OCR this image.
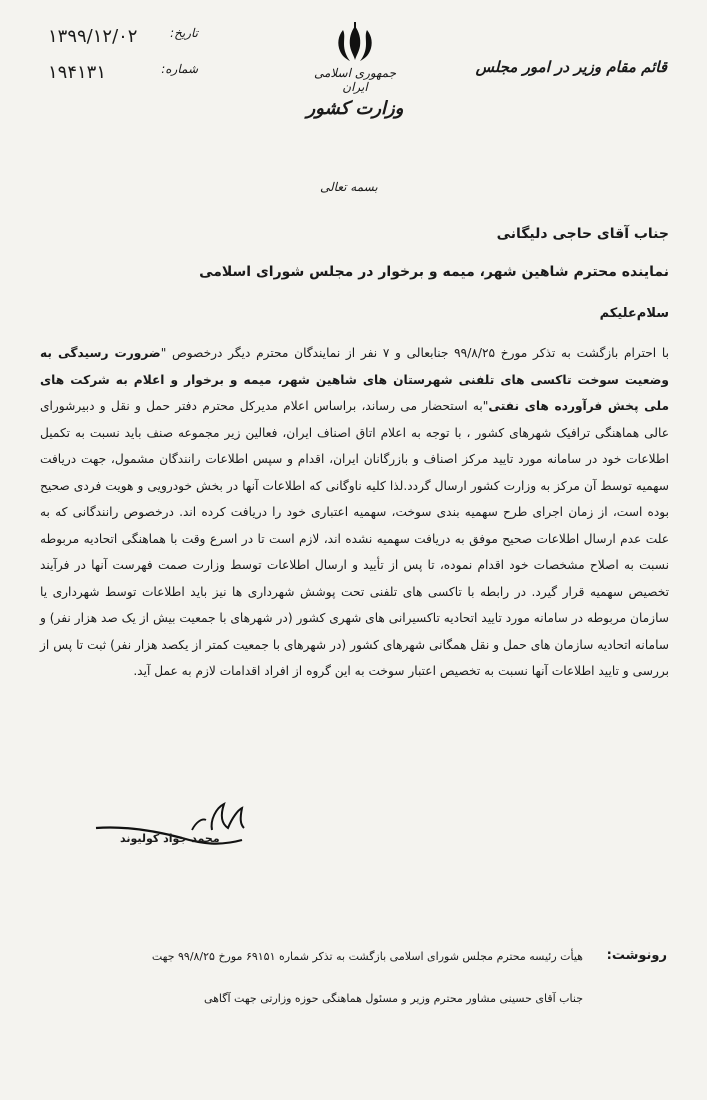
۱۳۹۹/۱۲/۰۲	تاریخ:
۱۹۴۱۳۱	شماره:	جمهوری اسلامی ایران
وزارت کشور
قائم مقام وزیر در امور مجلس
بسمه تعالی
جناب آقای حاجی دلیگانی
نماینده محترم شاهین شهر، میمه و برخوار در مجلس شورای اسلامی
سلام‌علیکم
با احترام بازگشت به تذکر مورخ ۹۹/۸/۲۵ جنابعالی و ۷ نفر از نمایندگان محترم دیگر درخصوص "ضرورت رسیدگی به وضعیت سوخت تاکسی های تلفنی شهرستان های شاهین شهر، میمه و برخوار و اعلام به شرکت های ملی پخش فرآورده های نفتی"به استحضار می رساند، براساس اعلام مدیرکل محترم دفتر حمل و نقل و دبیرشورای عالی هماهنگی ترافیک شهرهای کشور ، با توجه به اعلام اتاق اصناف ایران، فعالین زیر مجموعه صنف باید نسبت به تکمیل اطلاعات خود در سامانه مورد تایید مرکز اصناف و بازرگانان ایران، اقدام و سپس اطلاعات رانندگان مشمول، جهت دریافت سهمیه توسط آن مرکز به وزارت کشور ارسال گردد.لذا کلیه ناوگانی که اطلاعات آنها در بخش خودرویی و هویت فردی صحیح بوده است، از زمان اجرای طرح سهمیه بندی سوخت، سهمیه اعتباری خود را دریافت کرده اند. درخصوص رانندگانی که به علت عدم ارسال اطلاعات صحیح موفق به دریافت سهمیه نشده اند، لازم است تا در اسرع وقت با هماهنگی اتحادیه مربوطه نسبت به اصلاح مشخصات خود اقدام نموده، تا پس از تأیید و ارسال اطلاعات توسط وزارت صمت فهرست آنها در فرآیند تخصیص سهمیه قرار گیرد. در رابطه با تاکسی های تلفنی تحت پوشش شهرداری ها نیز باید اطلاعات توسط شهرداری یا سازمان مربوطه در سامانه مورد تایید اتحادیه تاکسیرانی های شهری کشور (در شهرهای با جمعیت بیش از یک صد هزار نفر) و سامانه اتحادیه سازمان های حمل و نقل همگانی شهرهای کشور (در شهرهای با جمعیت کمتر از یکصد هزار نفر) ثبت تا پس از بررسی و تایید اطلاعات آنها نسبت به تخصیص اعتبار سوخت به این گروه از افراد اقدامات لازم به عمل آید.
محمد جواد کولیوند
رونوشت:
هیأت رئیسه محترم مجلس شورای اسلامی بازگشت به تذکر شماره ۶۹۱۵۱ مورخ ۹۹/۸/۲۵ جهت
جناب آقای حسینی مشاور محترم وزیر و مسئول هماهنگی حوزه وزارتی جهت آگاهی
